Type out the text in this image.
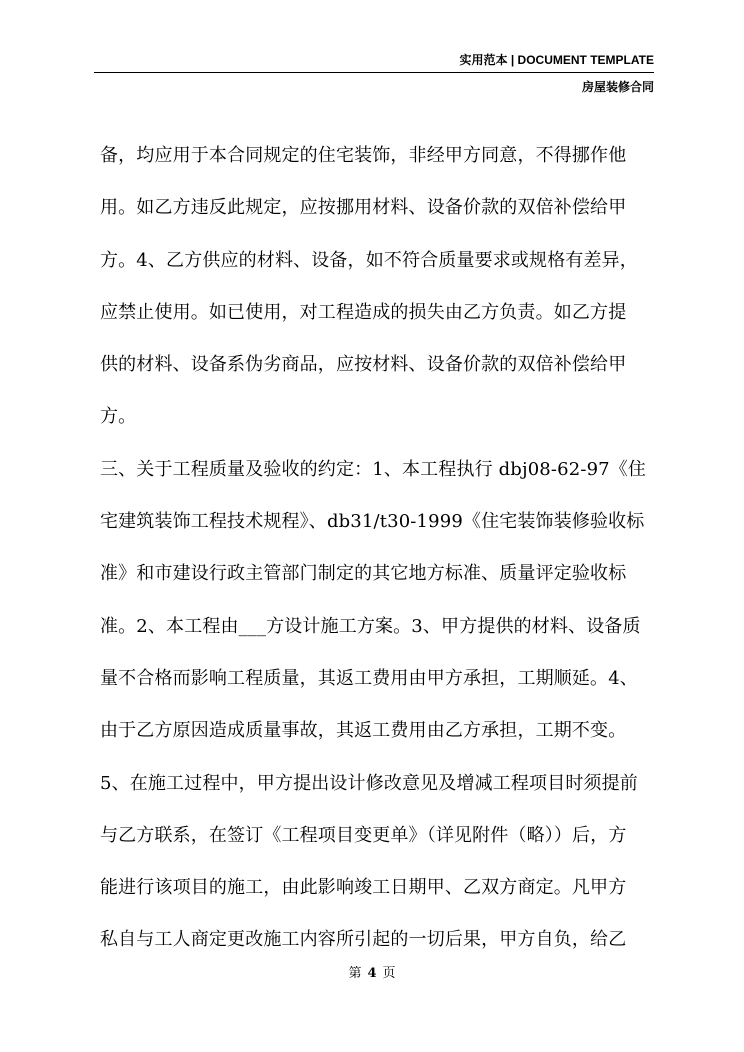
实用范本 | DOCUMENT TEMPLATE
房屋装修合同

备，均应用于本合同规定的住宅装饰，非经甲方同意，不得挪作他

用。如乙方违反此规定，应按挪用材料、设备价款的双倍补偿给甲

方。4、乙方供应的材料、设备，如不符合质量要求或规格有差异，

应禁止使用。如已使用，对工程造成的损失由乙方负责。如乙方提

供的材料、设备系伪劣商品，应按材料、设备价款的双倍补偿给甲

方。

三、关于工程质量及验收的约定：1、本工程执行 dbj08-62-97《住

宅建筑装饰工程技术规程》、db31/t30-1999《住宅装饰装修验收标

准》和市建设行政主管部门制定的其它地方标准、质量评定验收标

准。2、本工程由___方设计施工方案。3、甲方提供的材料、设备质

量不合格而影响工程质量，其返工费用由甲方承担，工期顺延。4、

由于乙方原因造成质量事故，其返工费用由乙方承担，工期不变。

5、在施工过程中，甲方提出设计修改意见及增减工程项目时须提前

与乙方联系，在签订《工程项目变更单》（详见附件（略））后，方

能进行该项目的施工，由此影响竣工日期甲、乙双方商定。凡甲方

私自与工人商定更改施工内容所引起的一切后果，甲方自负，给乙

第 4 页
